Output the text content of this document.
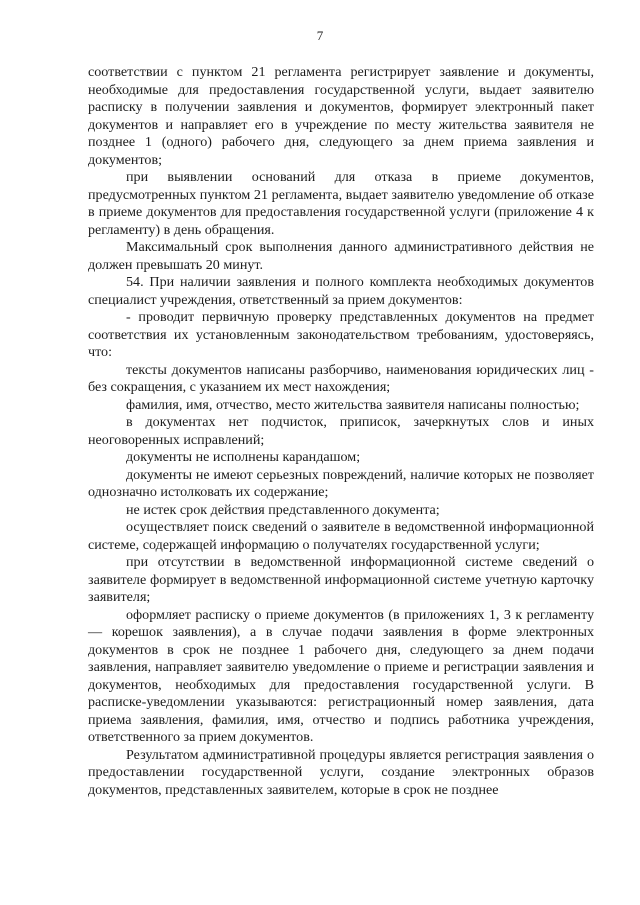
7

соответствии с пунктом 21 регламента регистрирует заявление и документы, необходимые для предоставления государственной услуги, выдает заявителю расписку в получении заявления и документов, формирует электронный пакет документов и направляет его в учреждение по месту жительства заявителя не позднее 1 (одного) рабочего дня, следующего за днем приема заявления и документов;

при выявлении оснований для отказа в приеме документов, предусмотренных пунктом 21 регламента, выдает заявителю уведомление об отказе в приеме документов для предоставления государственной услуги (приложение 4 к регламенту) в день обращения.

Максимальный срок выполнения данного административного действия не должен превышать 20 минут.

54. При наличии заявления и полного комплекта необходимых документов специалист учреждения, ответственный за прием документов:

- проводит первичную проверку представленных документов на предмет соответствия их установленным законодательством требованиям, удостоверяясь, что:

тексты документов написаны разборчиво, наименования юридических лиц - без сокращения, с указанием их мест нахождения;

фамилия, имя, отчество, место жительства заявителя написаны полностью;

в документах нет подчисток, приписок, зачеркнутых слов и иных неоговоренных исправлений;

документы не исполнены карандашом;

документы не имеют серьезных повреждений, наличие которых не позволяет однозначно истолковать их содержание;

не истек срок действия представленного документа;

осуществляет поиск сведений о заявителе в ведомственной информационной системе, содержащей информацию о получателях государственной услуги;

при отсутствии в ведомственной информационной системе сведений о заявителе формирует в ведомственной информационной системе учетную карточку заявителя;

оформляет расписку о приеме документов (в приложениях 1, 3 к регламенту — корешок заявления), а в случае подачи заявления в форме электронных документов в срок не позднее 1 рабочего дня, следующего за днем подачи заявления, направляет заявителю уведомление о приеме и регистрации заявления и документов, необходимых для предоставления государственной услуги. В расписке-уведомлении указываются: регистрационный номер заявления, дата приема заявления, фамилия, имя, отчество и подпись работника учреждения, ответственного за прием документов.

Результатом административной процедуры является регистрация заявления о предоставлении государственной услуги, создание электронных образов документов, представленных заявителем, которые в срок не позднее
